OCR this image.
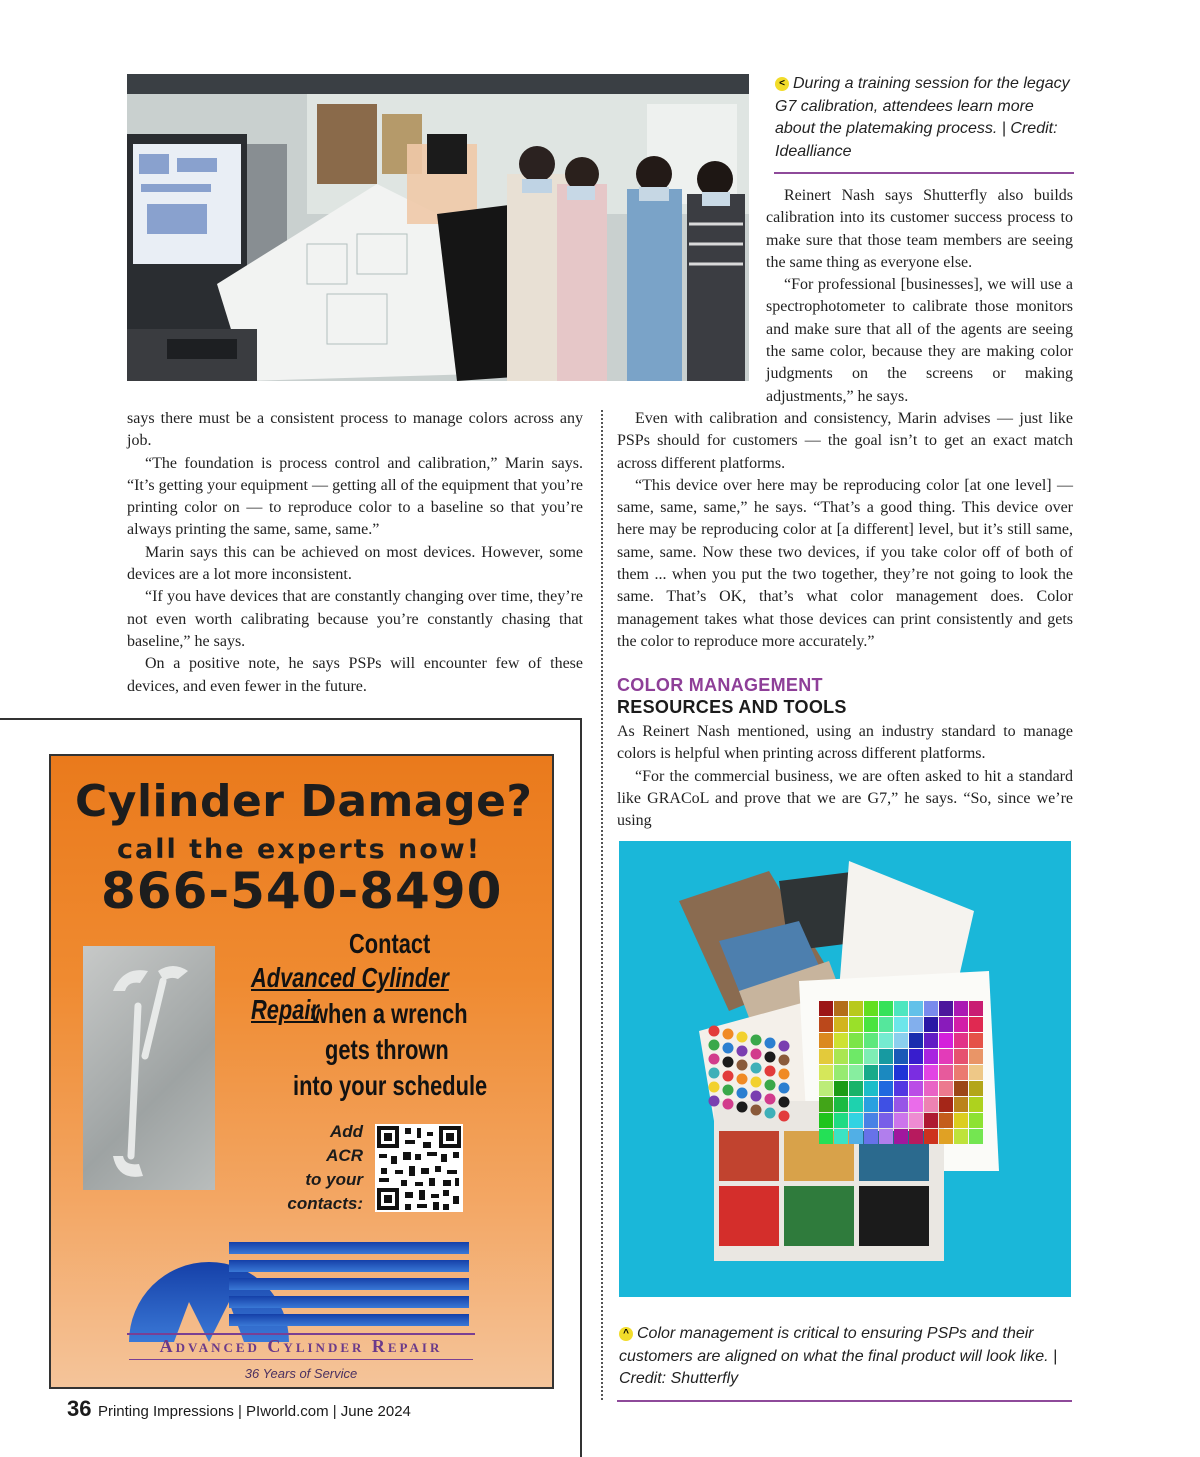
< During a training session for the legacy G7 calibration, attendees learn more about the platemaking process. | Credit: Idealliance

Reinert Nash says Shutterfly also builds calibration into its customer success process to make sure that those team members are seeing the same thing as everyone else.

“For professional [businesses], we will use a spectrophotometer to calibrate those monitors and make sure that all of the agents are seeing the same color, because they are making color judgments on the screens or making adjustments,” he says.

says there must be a consistent process to manage colors across any job.

“The foundation is process control and calibration,” Marin says. “It’s getting your equipment — getting all of the equipment that you’re printing color on — to reproduce color to a baseline so that you’re always printing the same, same, same.”

Marin says this can be achieved on most devices. However, some devices are a lot more inconsistent.

“If you have devices that are constantly changing over time, they’re not even worth calibrating because you’re constantly chasing that baseline,” he says.

On a positive note, he says PSPs will encounter few of these devices, and even fewer in the future.

Even with calibration and consistency, Marin advises — just like PSPs should for customers — the goal isn’t to get an exact match across different platforms.

“This device over here may be reproducing color [at one level] — same, same, same,” he says. “That’s a good thing. This device over here may be reproducing color at [a different] level, but it’s still same, same, same. Now these two devices, if you take color off of both of them ... when you put the two together, they’re not going to look the same. That’s OK, that’s what color management does. Color management takes what those devices can print consistently and gets the color to reproduce more accurately.”

COLOR MANAGEMENT
RESOURCES AND TOOLS

As Reinert Nash mentioned, using an industry standard to manage colors is helpful when printing across different platforms.

“For the commercial business, we are often asked to hit a standard like GRACoL and prove that we are G7,” he says. “So, since we’re using

Cylinder Damage?
call the experts now!
866-540-8490
Contact
Advanced Cylinder Repair
when a wrench
gets thrown
into your schedule
Add
ACR
to your
contacts:
Advanced Cylinder Repair
36 Years of Service
^ Color management is critical to ensuring PSPs and their customers are aligned on what the final product will look like. | Credit: Shutterfly
36 Printing Impressions | PIworld.com | June 2024
